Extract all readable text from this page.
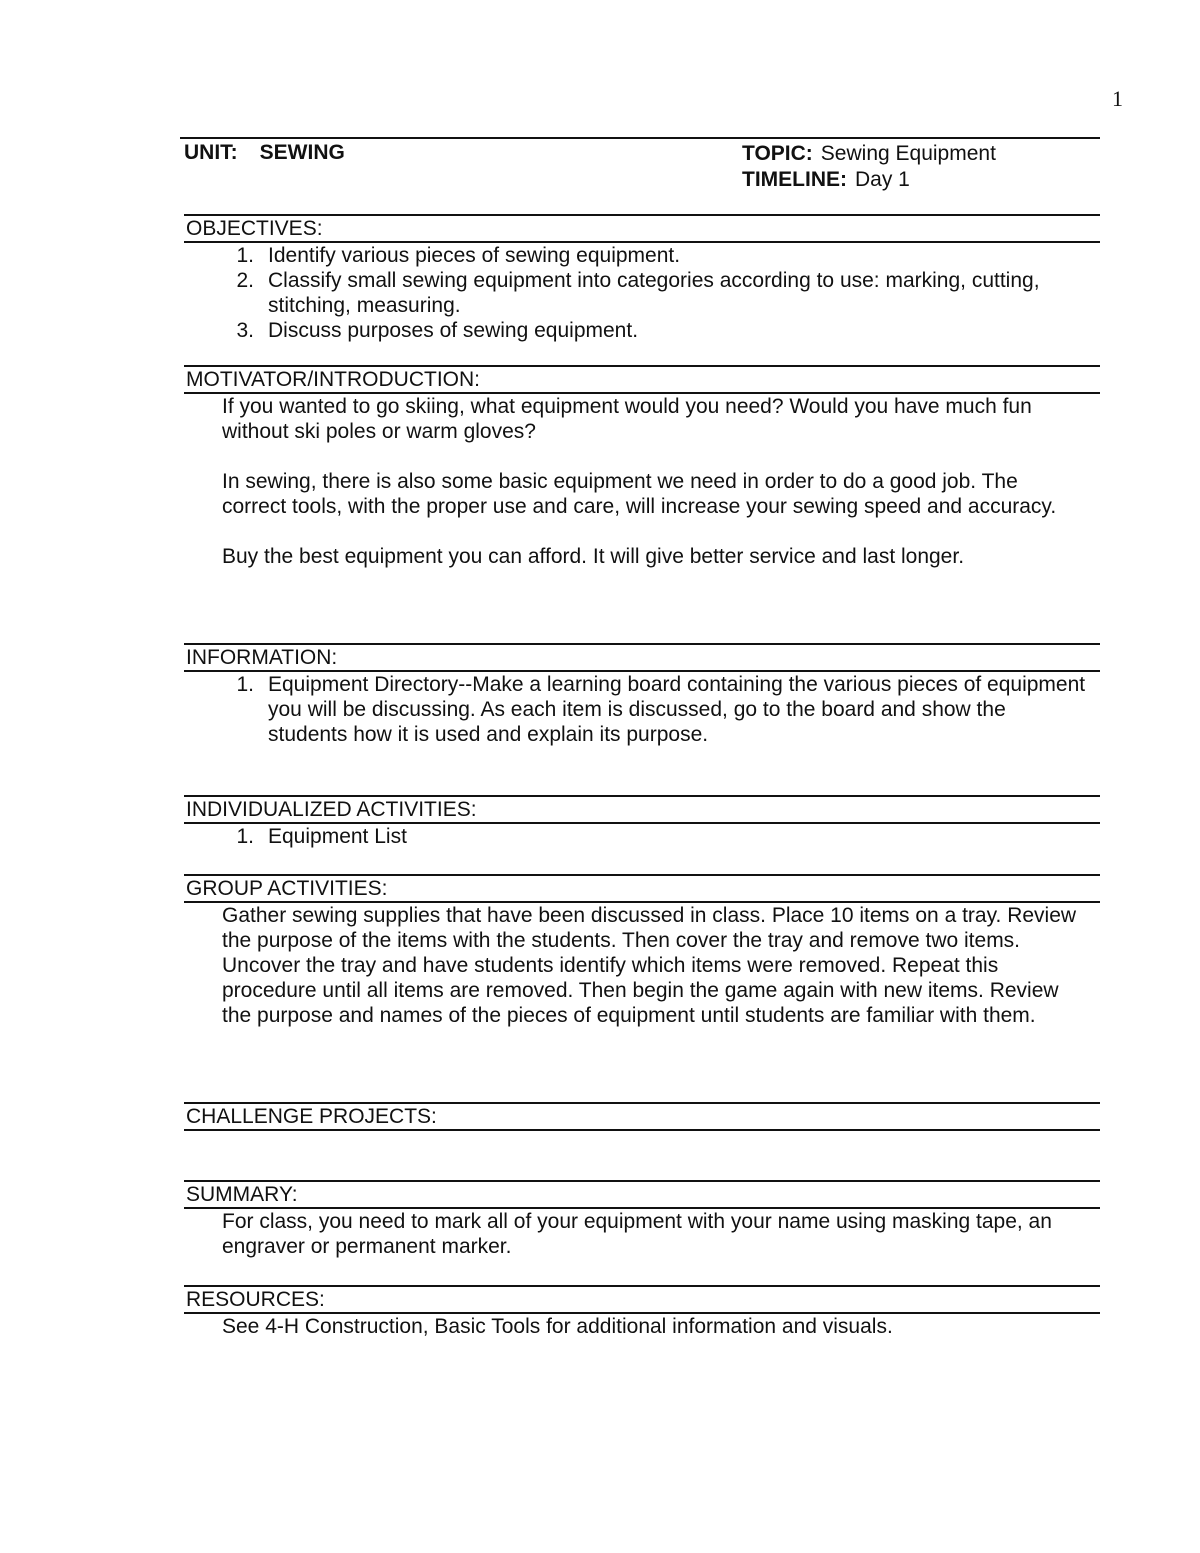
1
UNIT: SEWING	TOPIC: Sewing Equipment
TIMELINE: Day 1
OBJECTIVES:
1. Identify various pieces of sewing equipment.
2. Classify small sewing equipment into categories according to use: marking, cutting, stitching, measuring.
3. Discuss purposes of sewing equipment.
MOTIVATOR/INTRODUCTION:

If you wanted to go skiing, what equipment would you need? Would you have much fun without ski poles or warm gloves?

In sewing, there is also some basic equipment we need in order to do a good job. The correct tools, with the proper use and care, will increase your sewing speed and accuracy.

Buy the best equipment you can afford. It will give better service and last longer.

INFORMATION:
1. Equipment Directory--Make a learning board containing the various pieces of equipment you will be discussing. As each item is discussed, go to the board and show the students how it is used and explain its purpose.
INDIVIDUALIZED ACTIVITIES:
1. Equipment List
GROUP ACTIVITIES:

Gather sewing supplies that have been discussed in class. Place 10 items on a tray. Review the purpose of the items with the students. Then cover the tray and remove two items. Uncover the tray and have students identify which items were removed. Repeat this procedure until all items are removed. Then begin the game again with new items. Review the purpose and names of the pieces of equipment until students are familiar with them.

CHALLENGE PROJECTS:
SUMMARY:

For class, you need to mark all of your equipment with your name using masking tape, an engraver or permanent marker.

RESOURCES:

See 4-H Construction, Basic Tools for additional information and visuals.
